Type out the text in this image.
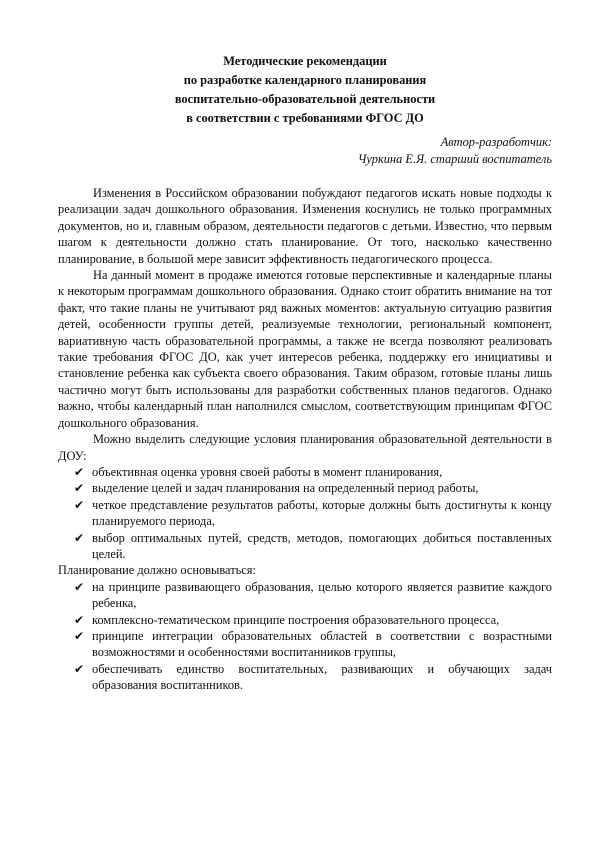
Методические рекомендации
по разработке календарного планирования
воспитательно-образовательной деятельности
в соответствии с требованиями ФГОС ДО
Автор-разработчик:
Чуркина Е.Я. старший воспитатель

Изменения в Российском образовании побуждают педагогов искать новые подходы к реализации задач дошкольного образования. Изменения коснулись не только программных документов, но и, главным образом, деятельности педагогов с детьми. Известно, что первым шагом к деятельности должно стать планирование. От того, насколько качественно планирование, в большой мере зависит эффективность педагогического процесса.

На данный момент в продаже имеются готовые перспективные и календарные планы к некоторым программам дошкольного образования. Однако стоит обратить внимание на тот факт, что такие планы не учитывают ряд важных моментов: актуальную ситуацию развития детей, особенности группы детей, реализуемые технологии, региональный компонент, вариативную часть образовательной программы, а также не всегда позволяют реализовать такие требования ФГОС ДО, как учет интересов ребенка, поддержку его инициативы и становление ребенка как субъекта своего образования. Таким образом, готовые планы лишь частично могут быть использованы для разработки собственных планов педагогов. Однако важно, чтобы календарный план наполнился смыслом, соответствующим принципам ФГОС дошкольного образования.

Можно выделить следующие условия планирования образовательной деятельности в ДОУ:

✔ объективная оценка уровня своей работы в момент планирования,
✔ выделение целей и задач планирования на определенный период работы,
✔ четкое представление результатов работы, которые должны быть достигнуты к концу планируемого периода,
✔ выбор оптимальных путей, средств, методов, помогающих добиться поставленных целей.

Планирование должно основываться:

✔ на принципе развивающего образования, целью которого является развитие каждого ребенка,
✔ комплексно-тематическом принципе построения образовательного процесса,
✔ принципе интеграции образовательных областей в соответствии с возрастными возможностями и особенностями воспитанников группы,
✔ обеспечивать единство воспитательных, развивающих и обучающих задач образования воспитанников.
